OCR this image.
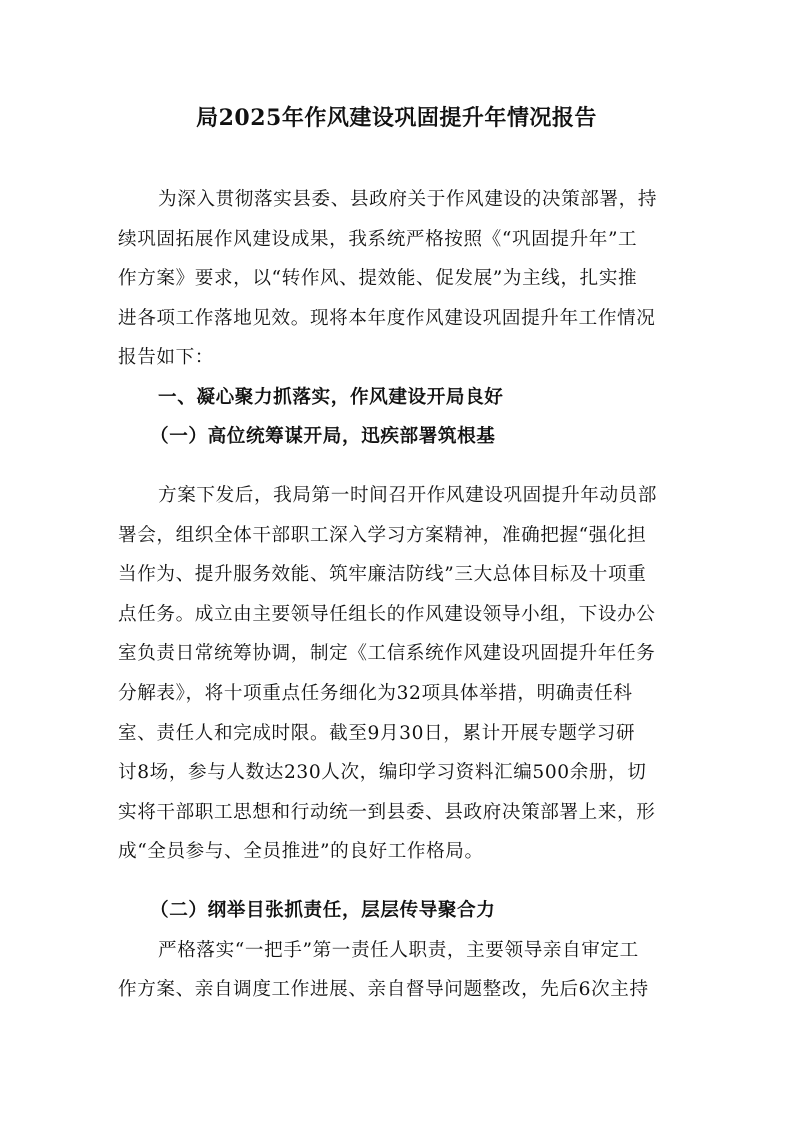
局2025年作风建设巩固提升年情况报告
为深入贯彻落实县委、县政府关于作风建设的决策部署，持
续巩固拓展作风建设成果，我系统严格按照《“巩固提升年”工
作方案》要求，以“转作风、提效能、促发展”为主线，扎实推
进各项工作落地见效。现将本年度作风建设巩固提升年工作情况
报告如下：
一、凝心聚力抓落实，作风建设开局良好
（一）高位统筹谋开局，迅疾部署筑根基
方案下发后，我局第一时间召开作风建设巩固提升年动员部
署会，组织全体干部职工深入学习方案精神，准确把握“强化担
当作为、提升服务效能、筑牢廉洁防线”三大总体目标及十项重
点任务。成立由主要领导任组长的作风建设领导小组，下设办公
室负责日常统筹协调，制定《工信系统作风建设巩固提升年任务
分解表》，将十项重点任务细化为32项具体举措，明确责任科
室、责任人和完成时限。截至9月30日，累计开展专题学习研
讨8场，参与人数达230人次，编印学习资料汇编500余册，切
实将干部职工思想和行动统一到县委、县政府决策部署上来，形
成“全员参与、全员推进”的良好工作格局。
（二）纲举目张抓责任，层层传导聚合力
严格落实“一把手”第一责任人职责，主要领导亲自审定工
作方案、亲自调度工作进展、亲自督导问题整改，先后6次主持
